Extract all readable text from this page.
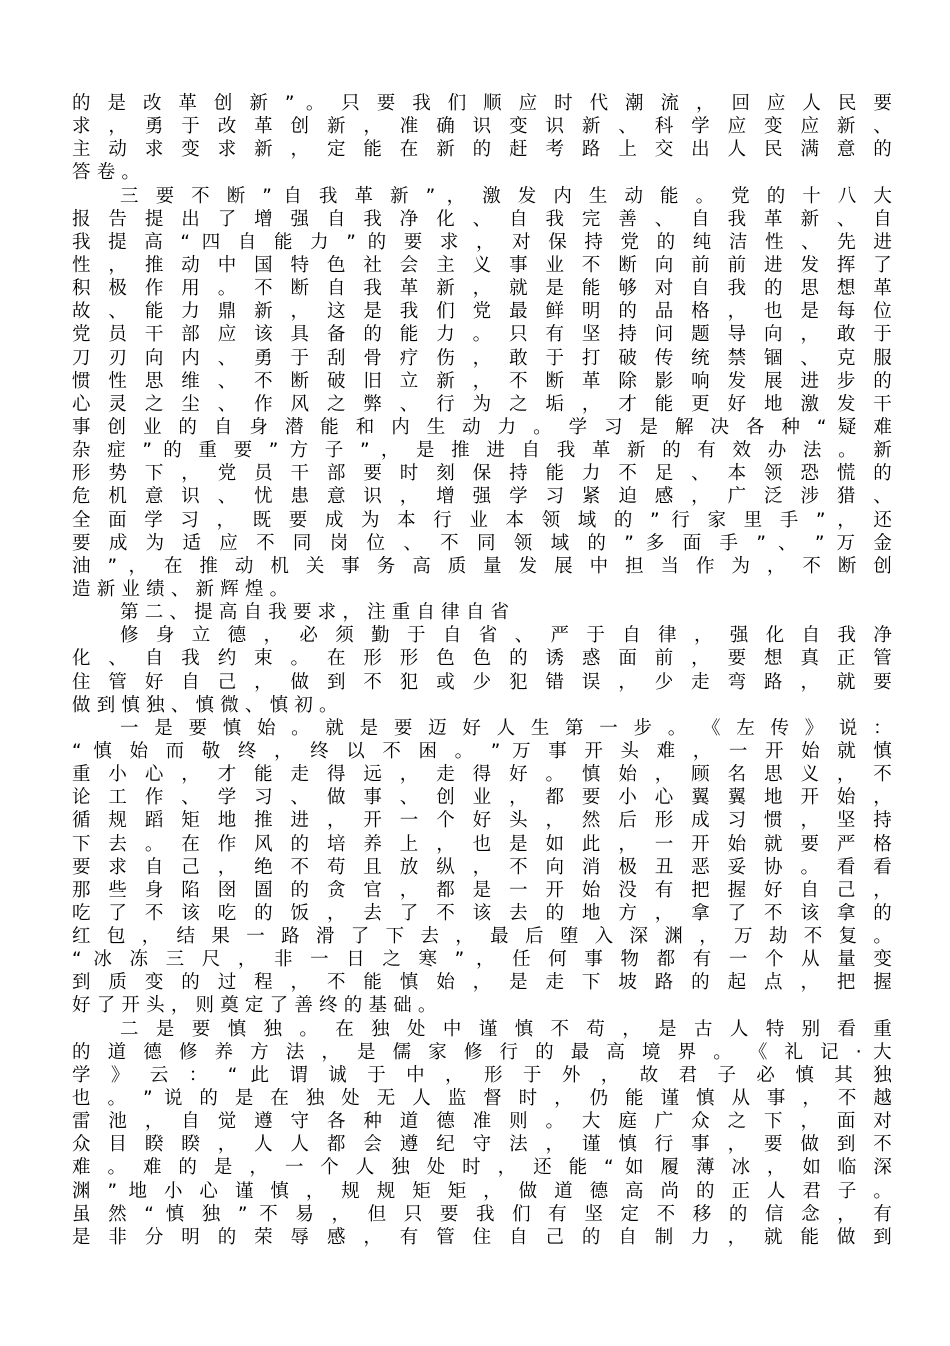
的 是 改 革 创 新 ” 。 只 要 我 们 顺 应 时 代 潮 流 ， 回 应 人 民 要
求 ， 勇 于 改 革 创 新 ， 准 确 识 变 识 新 、 科 学 应 变 应 新 、
主 动 求 变 求 新 ， 定 能 在 新 的 赶 考 路 上 交 出 人 民 满 意 的
答卷。
三 要 不 断 ” 自 我 革 新 ” ， 激 发 内 生 动 能 。 党 的 十 八 大
报 告 提 出 了 增 强 自 我 净 化 、 自 我 完 善 、 自 我 革 新 、 自
我 提 高 “ 四 自 能 力 ” 的 要 求 ， 对 保 持 党 的 纯 洁 性 、 先 进
性 ， 推 动 中 国 特 色 社 会 主 义 事 业 不 断 向 前 前 进 发 挥 了
积 极 作 用 。 不 断 自 我 革 新 ， 就 是 能 够 对 自 我 的 思 想 革
故 、 能 力 鼎 新 ， 这 是 我 们 党 最 鲜 明 的 品 格 ， 也 是 每 位
党 员 干 部 应 该 具 备 的 能 力 。 只 有 坚 持 问 题 导 向 ， 敢 于
刀 刃 向 内 、 勇 于 刮 骨 疗 伤 ， 敢 于 打 破 传 统 禁 锢 、 克 服
惯 性 思 维 、 不 断 破 旧 立 新 ， 不 断 革 除 影 响 发 展 进 步 的
心 灵 之 尘 、 作 风 之 弊 、 行 为 之 垢 ， 才 能 更 好 地 激 发 干
事 创 业 的 自 身 潜 能 和 内 生 动 力 。 学 习 是 解 决 各 种 “ 疑 难
杂 症 ” 的 重 要 ” 方 子 ” ， 是 推 进 自 我 革 新 的 有 效 办 法 。 新
形 势 下 ， 党 员 干 部 要 时 刻 保 持 能 力 不 足 、 本 领 恐 慌 的
危 机 意 识 、 忧 患 意 识 ， 增 强 学 习 紧 迫 感 ， 广 泛 涉 猎 、
全 面 学 习 ， 既 要 成 为 本 行 业 本 领 域 的 ” 行 家 里 手 ” ， 还
要 成 为 适 应 不 同 岗 位 、 不 同 领 域 的 ” 多 面 手 ” 、 ” 万 金
油 ” ， 在 推 动 机 关 事 务 高 质 量 发 展 中 担 当 作 为 ， 不 断 创
造新业绩、新辉煌。
第二、提高自我要求，注重自律自省
修 身 立 德 ， 必 须 勤 于 自 省 、 严 于 自 律 ， 强 化 自 我 净
化 、 自 我 约 束 。 在 形 形 色 色 的 诱 惑 面 前 ， 要 想 真 正 管
住 管 好 自 己 ， 做 到 不 犯 或 少 犯 错 误 ， 少 走 弯 路 ， 就 要
做到慎独、慎微、慎初。
一 是 要 慎 始 。 就 是 要 迈 好 人 生 第 一 步 。 《 左 传 》 说 ：
“ 慎 始 而 敬 终 ， 终 以 不 困 。 ” 万 事 开 头 难 ， 一 开 始 就 慎
重 小 心 ， 才 能 走 得 远 ， 走 得 好 。 慎 始 ， 顾 名 思 义 ， 不
论 工 作 、 学 习 、 做 事 、 创 业 ， 都 要 小 心 翼 翼 地 开 始 ，
循 规 蹈 矩 地 推 进 ， 开 一 个 好 头 ， 然 后 形 成 习 惯 ， 坚 持
下 去 。 在 作 风 的 培 养 上 ， 也 是 如 此 ， 一 开 始 就 要 严 格
要 求 自 己 ， 绝 不 苟 且 放 纵 ， 不 向 消 极 丑 恶 妥 协 。 看 看
那 些 身 陷 囹 圄 的 贪 官 ， 都 是 一 开 始 没 有 把 握 好 自 己 ，
吃 了 不 该 吃 的 饭 ， 去 了 不 该 去 的 地 方 ， 拿 了 不 该 拿 的
红 包 ， 结 果 一 路 滑 了 下 去 ， 最 后 堕 入 深 渊 ， 万 劫 不 复 。
“ 冰 冻 三 尺 ， 非 一 日 之 寒 ” ， 任 何 事 物 都 有 一 个 从 量 变
到 质 变 的 过 程 ， 不 能 慎 始 ， 是 走 下 坡 路 的 起 点 ， 把 握
好了开头，则奠定了善终的基础。
二 是 要 慎 独 。 在 独 处 中 谨 慎 不 苟 ， 是 古 人 特 别 看 重
的 道 德 修 养 方 法 ， 是 儒 家 修 行 的 最 高 境 界 。 《 礼 记 · 大
学 》 云 ： “ 此 谓 诚 于 中 ， 形 于 外 ， 故 君 子 必 慎 其 独
也 。 ” 说 的 是 在 独 处 无 人 监 督 时 ， 仍 能 谨 慎 从 事 ， 不 越
雷 池 ， 自 觉 遵 守 各 种 道 德 准 则 。 大 庭 广 众 之 下 ， 面 对
众 目 睽 睽 ， 人 人 都 会 遵 纪 守 法 ， 谨 慎 行 事 ， 要 做 到 不
难 。 难 的 是 ， 一 个 人 独 处 时 ， 还 能 “ 如 履 薄 冰 ， 如 临 深
渊 ” 地 小 心 谨 慎 ， 规 规 矩 矩 ， 做 道 德 高 尚 的 正 人 君 子 。
虽 然 “ 慎 独 ” 不 易 ， 但 只 要 我 们 有 坚 定 不 移 的 信 念 ， 有
是 非 分 明 的 荣 辱 感 ， 有 管 住 自 己 的 自 制 力 ， 就 能 做 到
